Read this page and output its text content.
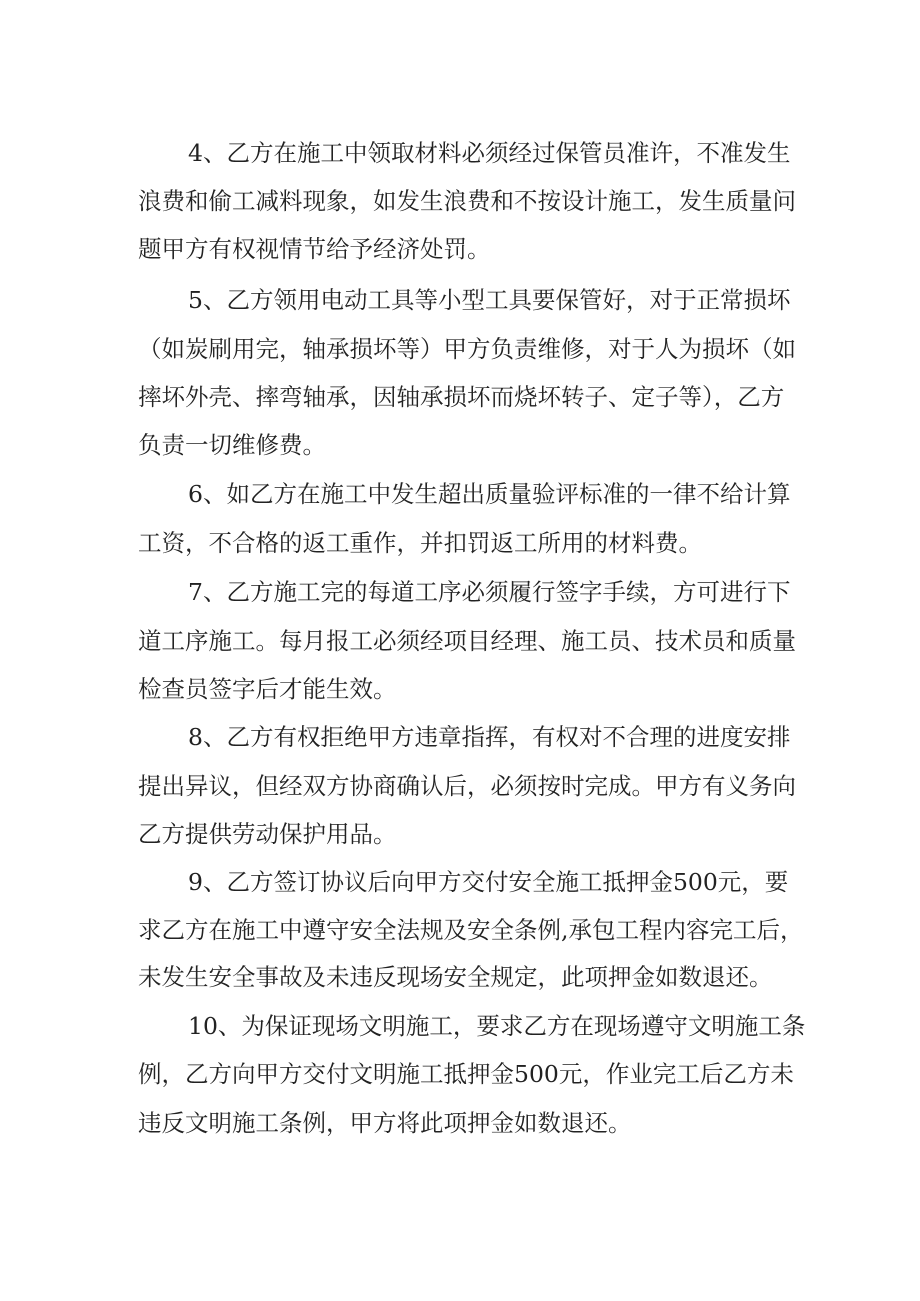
4、乙方在施工中领取材料必须经过保管员准许，不准发生

浪费和偷工减料现象，如发生浪费和不按设计施工，发生质量问

题甲方有权视情节给予经济处罚。

5、乙方领用电动工具等小型工具要保管好，对于正常损坏

（如炭刷用完，轴承损坏等）甲方负责维修，对于人为损坏（如

摔坏外壳、摔弯轴承，因轴承损坏而烧坏转子、定子等），乙方

负责一切维修费。

6、如乙方在施工中发生超出质量验评标准的一律不给计算

工资，不合格的返工重作，并扣罚返工所用的材料费。

7、乙方施工完的每道工序必须履行签字手续，方可进行下

道工序施工。每月报工必须经项目经理、施工员、技术员和质量

检查员签字后才能生效。

8、乙方有权拒绝甲方违章指挥，有权对不合理的进度安排

提出异议，但经双方协商确认后，必须按时完成。甲方有义务向

乙方提供劳动保护用品。

9、乙方签订协议后向甲方交付安全施工抵押金500元，要

求乙方在施工中遵守安全法规及安全条例,承包工程内容完工后，

未发生安全事故及未违反现场安全规定，此项押金如数退还。

10、为保证现场文明施工，要求乙方在现场遵守文明施工条

例，乙方向甲方交付文明施工抵押金500元，作业完工后乙方未

违反文明施工条例，甲方将此项押金如数退还。
